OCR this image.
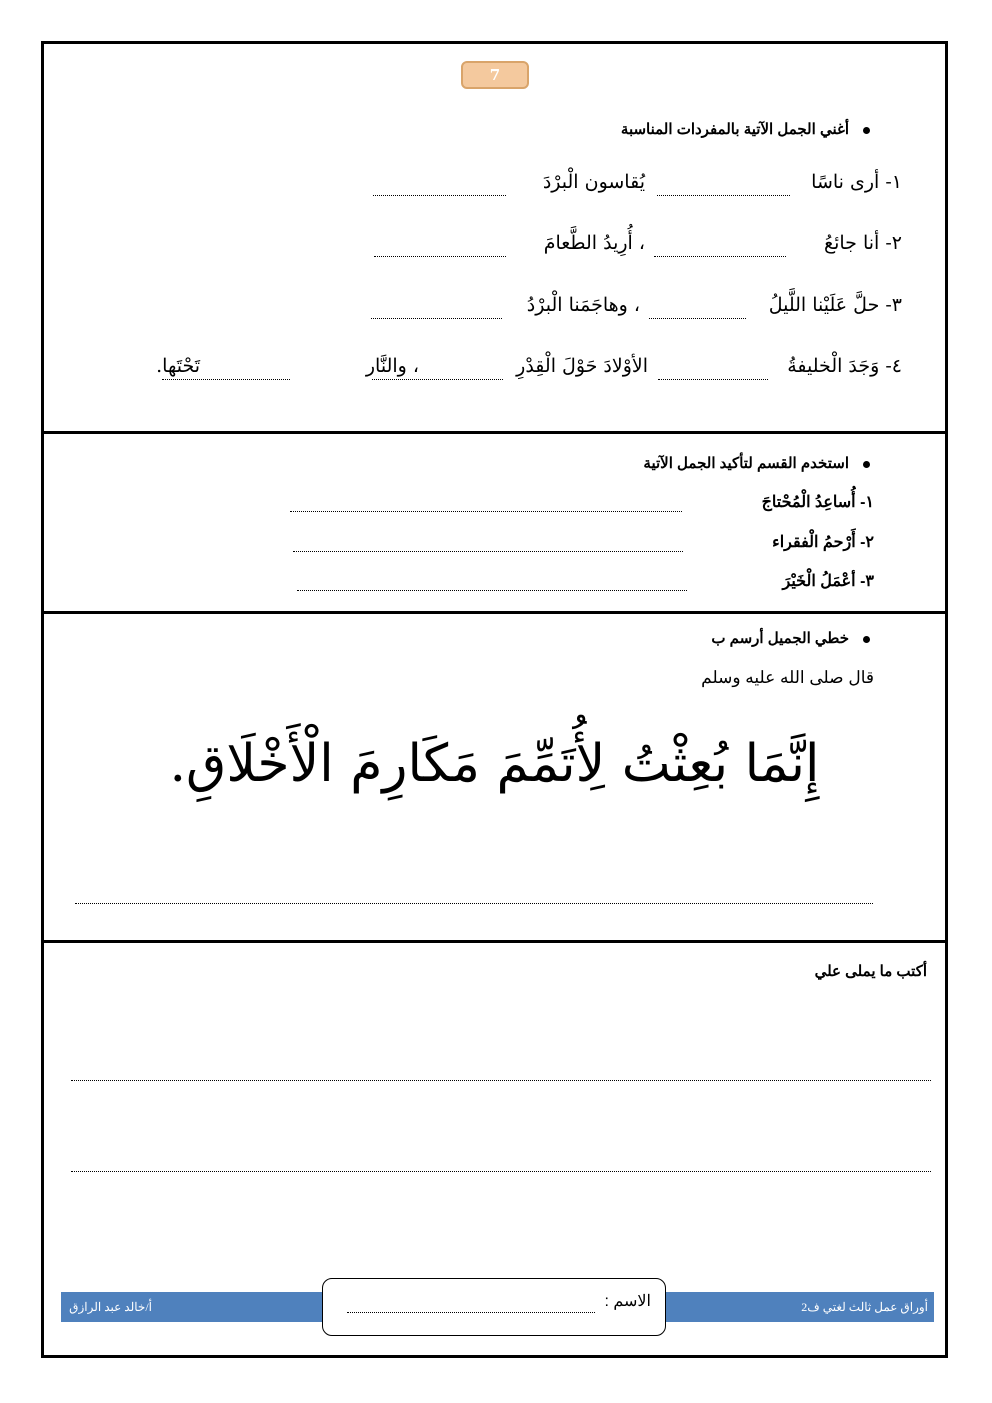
7
أغني الجمل الآتية بالمفردات المناسبة
١- أرى ناسًا
يُقاسون الْبرْدَ
٢- أنا جائعُ
، أُرِيدُ الطَّعامَ
٣- حلَّ عَلَيْنا اللَّيلُ
، وهاجَمَنا الْبرْدُ
٤- وَجَدَ الْخليفةُ
الأوْلادَ حَوْلَ الْقِدْرِ
، والنَّار
تَحْتَها.
استخدم القسم لتأكيد الجمل الآتية
١- أُساعِدُ الْمُحْتاجَ
٢- أَرْحمُ الْفقراء
٣- أعْمَلُ الْخَيْرَ
خطي الجميل أرسم ب
قال صلى الله عليه وسلم
إِنَّمَا بُعِثْتُ لِأُتَمِّمَ مَكَارِمَ الْأَخْلَاقِ.
أكتب ما يملى علي
أ/خالد عبد الرازق	أوراق عمل ثالث لغتي ف2
الاسم :
